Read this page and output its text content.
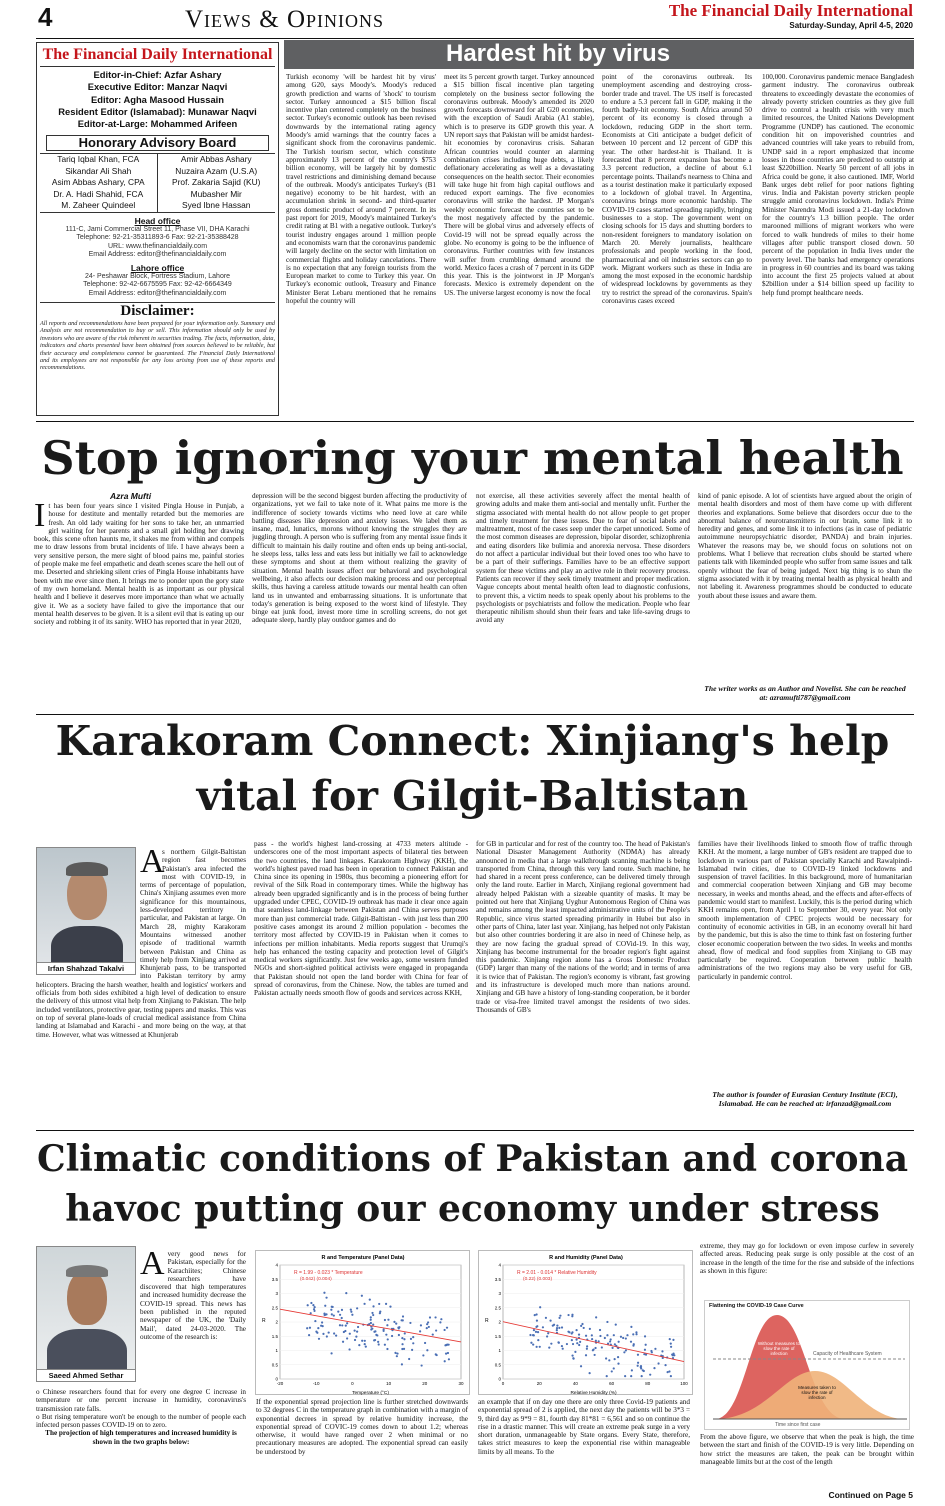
4	Views & Opinions	The Financial Daily International
Saturday-Sunday, April 4-5, 2020
The Financial Daily International
Editor-in-Chief: Azfar Ashary
Executive Editor: Manzar Naqvi
Editor: Agha Masood Hussain
Resident Editor (Islamabad): Munawar Naqvi
Editor-at-Large: Mohammed Arifeen
Honorary Advisory Board
Tariq Iqbal Khan, FCA	Amir Abbas Ashary
Sikandar Ali Shah	Nuzaira Azam (U.S.A)
Asim Abbas Ashary, CPA	Prof. Zakaria Sajid (KU)
Dr. A. Hadi Shahid, FCA	Mubasher Mir
M. Zaheer Quindeel	Syed Ibne Hassan
Head office
111-C, Jami Commercial Street 11, Phase VII, DHA Karachi
Telephone: 92-21-35311893-6 Fax: 92-21-35388428
URL: www.thefinancialdaily.com
Email Address: editor@thefinancialdaily.com
Lahore office
24- Peshawar Block, Fortress Stadium, Lahore
Telephone: 92-42-6675595 Fax: 92-42-6664349
Email Address: editor@thefinancialdaily.com
Disclaimer:
All reports and recommendations have been prepared for your information only. Summary and Analysis are not recommendation to buy or sell. This information should only be used by investors who are aware of the risk inherent in securities trading. The facts, information, data, indicators and charts presented have been obtained from sources believed to be reliable, but their accuracy and completeness cannot be guaranteed. The Financial Daily International and its employees are not responsible for any loss arising from use of these reports and recommendations.
Hardest hit by virus

Turkish economy 'will be hardest hit by virus' among G20, says Moody's. Moody's reduced growth prediction and warns of 'shock' to tourism sector. Turkey announced a $15 billion fiscal incentive plan centered completely on the business sector. Turkey's economic outlook has been revised downwards by the international rating agency Moody's amid warnings that the country faces a significant shock from the coronavirus pandemic. The Turkish tourism sector, which constitute approximately 13 percent of the country's $753 billion economy, will be largely hit by domestic travel restrictions and diminishing demand because of the outbreak. Moody's anticipates Turkey's (B1 negative) economy to be hit hardest, with an accumulation shrink in second- and third-quarter gross domestic product of around 7 percent. In its past report for 2019, Moody's maintained Turkey's credit rating at B1 with a negative outlook. Turkey's tourist industry engages around 1 million people and economists warn that the coronavirus pandemic will largely decline on the sector with limitation on commercial flights and holiday cancelations. There is no expectation that any foreign tourists from the European market to come to Turkey this year. On Turkey's economic outlook, Treasury and Finance Minister Berat Lebaru mentioned that he remains hopeful the country will

meet its 5 percent growth target. Turkey announced a $15 billion fiscal incentive plan targeting completely on the business sector following the coronavirus outbreak. Moody's amended its 2020 growth forecasts downward for all G20 economies, with the exception of Saudi Arabia (A1 stable), which is to preserve its GDP growth this year. A UN report says that Pakistan will be amidst hardest-hit economies by coronavirus crisis. Saharan African countries would counter an alarming combination crises including huge debts, a likely deflationary accelerating as well as a devastating consequences on the health sector. Their economies will take huge hit from high capital outflows and reduced export earnings. The five economies coronavirus will strike the hardest. JP Morgan's weekly economic forecast the countries set to be the most negatively affected by the pandemic. There will be global virus and adversely effects of Covid-19 will not be spread equally across the globe. No economy is going to be the influence of coronavirus. Further countries with few instances will suffer from crumbling demand around the world. Mexico faces a crash of 7 percent in its GDP this year. This is the jointworst in JP Morgan's forecasts. Mexico is extremely dependent on the US. The universe largest economy is now the focal

point of the coronavirus outbreak. Its unemployment ascending and destroying cross-border trade and travel. The US itself is forecasted to endure a 5.3 percent fall in GDP, making it the fourth badly-hit economy. South Africa around 50 percent of its economy is closed through a lockdown, reducing GDP in the short term. Economists at Citi anticipate a budget deficit of between 10 percent and 12 percent of GDP this year. The other hardest-hit is Thailand. It is forecasted that 8 percent expansion has become a 3.3 percent reduction, a decline of about 6.1 percentage points. Thailand's nearness to China and as a tourist destination make it particularly exposed to a lockdown of global travel. In Argentina, coronavirus brings more economic hardship. The COVID-19 cases started spreading rapidly, bringing businesses to a stop. The government went on closing schools for 15 days and shutting borders to non-resident foreigners to mandatory isolation on March 20. Merely journalists, healthcare professionals and people working in the food, pharmaceutical and oil industries sectors can go to work. Migrant workers such as these in India are among the most exposed in the economic hardship of widespread lockdowns by governments as they try to restrict the spread of the coronavirus. Spain's coronavirus cases exceed

100,000. Coronavirus pandemic menace Bangladesh garment industry. The coronavirus outbreak threatens to exceedingly devastate the economies of already poverty stricken countries as they give full drive to control a health crisis with very much limited resources, the United Nations Development Programme (UNDP) has cautioned. The economic condition hit on impoverished countries and advanced countries will take years to rebuild from, UNDP said in a report emphasized that income losses in those countries are predicted to outstrip at least $220billion. Nearly 50 percent of all jobs in Africa could be gone, it also cautioned. IMF, World Bank urges debt relief for poor nations fighting virus. India and Pakistan poverty stricken people struggle amid coronavirus lockdown. India's Prime Minister Narendra Modi issued a 21-day lockdown for the country's 1.3 billion people. The order marooned millions of migrant workers who were forced to walk hundreds of miles to their home villages after public transport closed down. 50 percent of the population in India lives under the poverty level. The banks had emergency operations in progress in 60 countries and its board was taking into account the first 25 projects valued at about $2billion under a $14 billion speed up facility to help fund prompt healthcare needs.

Stop ignoring your mental health
Azra Mufti
It has been four years since I visited Pingla House in Punjab, a house for destitute and mentally retarded but the memories are fresh. An old lady waiting for her sons to take her, an unmarried girl waiting for her parents and a small girl holding her drawing book, this scene often haunts me, it shakes me from within and compels me to draw lessons from brutal incidents of life. I have always been a very sensitive person, the mere sight of blood pains me, painful stories of people make me feel empathetic and death scenes scare the hell out of me. Deserted and shrieking silent cries of Pingla House inhabitants have been with me ever since then. It brings me to ponder upon the gory state of my own homeland. Mental health is as important as our physical health and I believe it deserves more importance than what we actually give it. We as a society have failed to give the importance that our mental health deserves to be given. It is a silent evil that is eating up our society and robbing it of its sanity. WHO has reported that in year 2020,

depression will be the second biggest burden affecting the productivity of organizations, yet we fail to take note of it. What pains me more is the indifference of society towards victims who need love at care while battling diseases like depression and anxiety issues. We label them as insane, mad, lunatics, morons without knowing the struggles they are juggling through. A person who is suffering from any mental issue finds it difficult to maintain his daily routine and often ends up being anti-social, he sleeps less, talks less and eats less but initially we fail to acknowledge these symptoms and shout at them without realizing the gravity of situation. Mental health issues affect our behavioral and psychological wellbeing, it also affects our decision making process and our perceptual skills, thus having a careless attitude towards our mental health can often land us in unwanted and embarrassing situations. It is unfortunate that today's generation is being exposed to the worst kind of lifestyle. They binge eat junk food, invest more time in scrolling screens, do not get adequate sleep, hardly play outdoor games and do

not exercise, all these activities severely affect the mental health of growing adults and make them anti-social and mentally unfit. Further the stigma associated with mental health do not allow people to get proper and timely treatment for these issues. Due to fear of social labels and maltreatment, most of the cases seep under the carpet unnoticed. Some of the most common diseases are depression, bipolar disorder, schizophrenia and eating disorders like bulimia and anorexia nervosa. These disorders do not affect a particular individual but their loved ones too who have to be a part of their sufferings. Families have to be an effective support system for these victims and play an active role in their recovery process. Patients can recover if they seek timely treatment and proper medication. Vague concepts about mental health often lead to diagnostic confusions, to prevent this, a victim needs to speak openly about his problems to the psychologists or psychiatrists and follow the medication. People who fear therapeutic nihilism should shun their fears and take life-saving drugs to avoid any

kind of panic episode. A lot of scientists have argued about the origin of mental health disorders and most of them have come up with different theories and explanations. Some believe that disorders occur due to the abnormal balance of neurotransmitters in our brain, some link it to heredity and genes, and some link it to infections (as in case of pediatric autoimmune neuropsychiatric disorder, PANDA) and brain injuries. Whatever the reasons may be, we should focus on solutions not on problems. What I believe that recreation clubs should be started where patients talk with likeminded people who suffer from same issues and talk openly without the fear of being judged. Next big thing is to shun the stigma associated with it by treating mental health as physical health and not labeling it. Awareness programmes should be conducted to educate youth about these issues and aware them.

The writer works as an Author and Novelist. She can be reached at: azramufti787@gmail.com
Karakoram Connect: Xinjiang's help
vital for Gilgit-Baltistan
Irfan Shahzad Takalvi
A
s northern Gilgit-Baltistan region fast becomes Pakistan's area infected the most with COVID-19, in terms of percentage of population, China's Xinjiang assumes even more significance for this mountainous, less-developed territory in particular, and Pakistan at large. On March 28, mighty Karakoram Mountains witnessed another episode of traditional warmth between Pakistan and China as timely help from Xinjiang arrived at Khunjerab pass, to be transported into Pakistan territory by army helicopters. Bracing the harsh weather, health and logistics' workers and officials from both sides exhibited a high level of dedication to ensure the delivery of this utmost vital help from Xinjiang to Pakistan. The help included ventilators, protective gear, testing papers and masks. This was on top of several plane-loads of crucial medical assistance from China landing at Islamabad and Karachi - and more being on the way, at that time. However, what was witnessed at Khunjerab

pass - the world's highest land-crossing at 4733 meters altitude - underscores one of the most important aspects of bilateral ties between the two countries, the land linkages. Karakoram Highway (KKH), the world's highest paved road has been in operation to connect Pakistan and China since its opening in 1980s, thus becoming a pioneering effort for revival of the Silk Road in contemporary times. While the highway has already been upgraded significantly and is in the process of being further upgraded under CPEC, COVID-19 outbreak has made it clear once again that seamless land-linkage between Pakistan and China serves purposes more than just commercial trade. Gilgit-Baltistan - with just less than 200 positive cases amongst its around 2 million population - becomes the territory most affected by COVID-19 in Pakistan when it comes to infections per million inhabitants. Media reports suggest that Urumqi's help has enhanced the testing capacity and protection level of Gilgit's medical workers significantly. Just few weeks ago, some western funded NGOs and short-sighted political activists were engaged in propaganda that Pakistan should not open the land border with China for fear of spread of coronavirus, from the Chinese. Now, the tables are turned and Pakistan actually needs smooth flow of goods and services across KKH,

for GB in particular and for rest of the country too. The head of Pakistan's National Disaster Management Authority (NDMA) has already announced in media that a large walkthrough scanning machine is being transported from China, through this very land route. Such machine, he had shared in a recent press conference, can be delivered timely through only the land route. Earlier in March, Xinjiang regional government had already helped Pakistan with a sizeable quantity of masks. It may be pointed out here that Xinjiang Uyghur Autonomous Region of China was and remains among the least impacted administrative units of the People's Republic, since virus started spreading primarily in Hubei but also in other parts of China, later last year. Xinjiang, has helped not only Pakistan but also other countries bordering it are also in need of Chinese help, as they are now facing the gradual spread of COVid-19. In this way, Xinjiang has become instrumental for the broader region's fight against this pandemic. Xinjiang region alone has a Gross Domestic Product (GDP) larger than many of the nations of the world; and in terms of area it is twice that of Pakistan. The region's economy is vibrant, fast growing and its infrastructure is developed much more than nations around. Xinjiang and GB have a history of long-standing cooperation, be it border trade or visa-free limited travel amongst the residents of two sides. Thousands of GB's

families have their livelihoods linked to smooth flow of traffic through KKH. At the moment, a large number of GB's resident are trapped due to lockdown in various part of Pakistan specially Karachi and Rawalpindi-Islamabad twin cities, due to COVID-19 linked lockdowns and suspension of travel facilities. In this background, more of humanitarian and commercial cooperation between Xinjiang and GB may become necessary, in weeks and months ahead, and the effects and after-effects of pandemic would start to manifest. Luckily, this is the period during which KKH remains open, from April 1 to September 30, every year. Not only smooth implementation of CPEC projects would be necessary for continuity of economic activities in GB, in an economy overall hit hard by the pandemic, but this is also the time to think fast on fostering further closer economic cooperation between the two sides. In weeks and months ahead, flow of medical and food supplies from Xinjiang to GB may particularly be required. Cooperation between public health administrations of the two regions may also be very useful for GB, particularly in pandemic control.

The author is founder of Eurasian Century Institute (ECI), Islamabad. He can be reached at: irfanzad@gmail.com
Climatic conditions of Pakistan and corona
havoc putting our economy under stress
Saeed Ahmed Sethar
Avery good news for Pakistan, especially for the Karachiites; Chinese researchers have discovered that high temperatures and increased humidity decrease the COVID-19 spread. This news has been published in the reputed newspaper of the UK, the 'Daily Mail', dated 24-03-2020. The outcome of the research is:
o Chinese researchers found that for every one degree C increase in temperature or one percent increase in humidity, coronavirus's transmission rate falls.
o But rising temperature won't be enough to the number of people each infected person passes COVID-19 on to zero.
The projection of high temperatures and increased humidity is shown in the two graphs below:
R and Temperature (Panel Data)
0
0.5
1
1.5
2
2.5
3
3.5
4
-20	-10	0	10	20	30
Temperature (°C)
R
R = 1.99 - 0.023 * Temperature
(0.042) (0.004)
R and Humidity (Panel Data)
0
0.5
1
1.5
2
2.5
3
3.5
4
0	20	40	60	80	100
Relative Humidity (%)
R
R = 2.01 - 0.014 * Relative Humidity
(0.22) (0.003)

If the exponential spread projection line is further stretched downwards to 32 degrees C in the temperature graph in combination with a margin of exponential decrees in spread by relative humidity increase, the exponential spread of COVIC-19 comes down to about 1.2; whereas otherwise, it would have ranged over 2 when minimal or no precautionary measures are adopted. The exponential spread can easily be understood by

an example that if on day one there are only three Covid-19 patients and exponential spread of 2 is applied, the next day the patients will be 3*3 = 9, third day as 9*9 = 81, fourth day 81*81 = 6,561 and so on continue the rise in a drastic manner. This will create an extreme peak surge in a very short duration, unmanageable by State organs. Every State, therefore, takes strict measures to keep the exponential rise within manageable limits by all means. To the

extreme, they may go for lockdown or even impose curfew in severely affected areas. Reducing peak surge is only possible at the cost of an increase in the length of the time for the rise and subside of the infections as shown in this figure:

Flattening the COVID-19 Case Curve
Without measures to slow the rate of infection	Capacity of Healthcare System
Measures taken to slow the rate of infection
Time since first case

From the above figure, we observe that when the peak is high, the time between the start and finish of the COVID-19 is very little. Depending on how strict the measures are taken, the peak can be brought within manageable limits but at the cost of the length

Continued on Page 5
